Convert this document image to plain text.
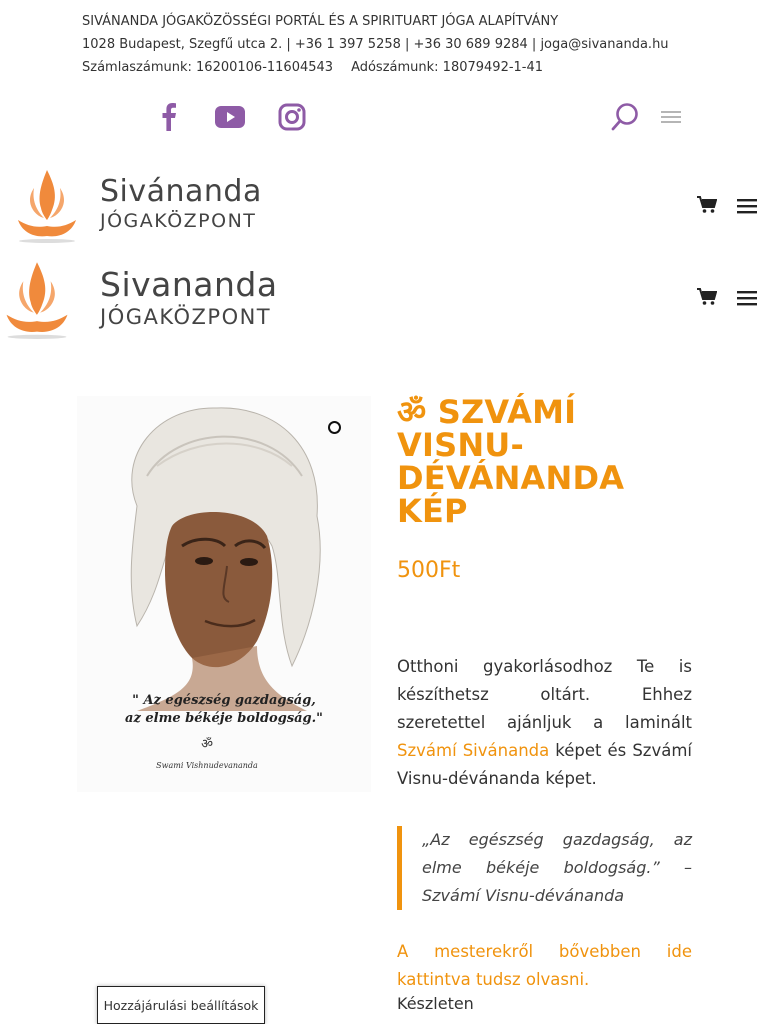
SIVÁNANDA JÓGAKÖZÖSSÉGI PORTÁL ÉS A SPIRITUART JÓGA ALAPÍTVÁNY
1028 Budapest, Szegfű utca 2. | +36 1 397 5258 | +36 30 689 9284 | joga@sivananda.hu
Számlaszámunk: 16200106-11604543 Adószámunk: 18079492-1-41
Sivánanda
JÓGAKÖZPONT
Sivananda
JÓGAKÖZPONT
" Az egészség gazdagság,
az elme békéje boldogság."
ॐ
Swami Vishnudevananda
ॐ SZVÁMÍ VISNU-DÉVÁNANDA KÉP
500Ft
Otthoni gyakorlásodhoz Te is készíthetsz oltárt. Ehhez szeretettel ajánljuk a laminált Szvámí Sivánanda képet és Szvámí Visnu-dévánanda képet.
„Az egészség gazdagság, az elme békéje boldogság.” – Szvámí Visnu-dévánanda
A mesterekről bővebben ide kattintva tudsz olvasni.
Készleten
Hozzájárulási beállítások
